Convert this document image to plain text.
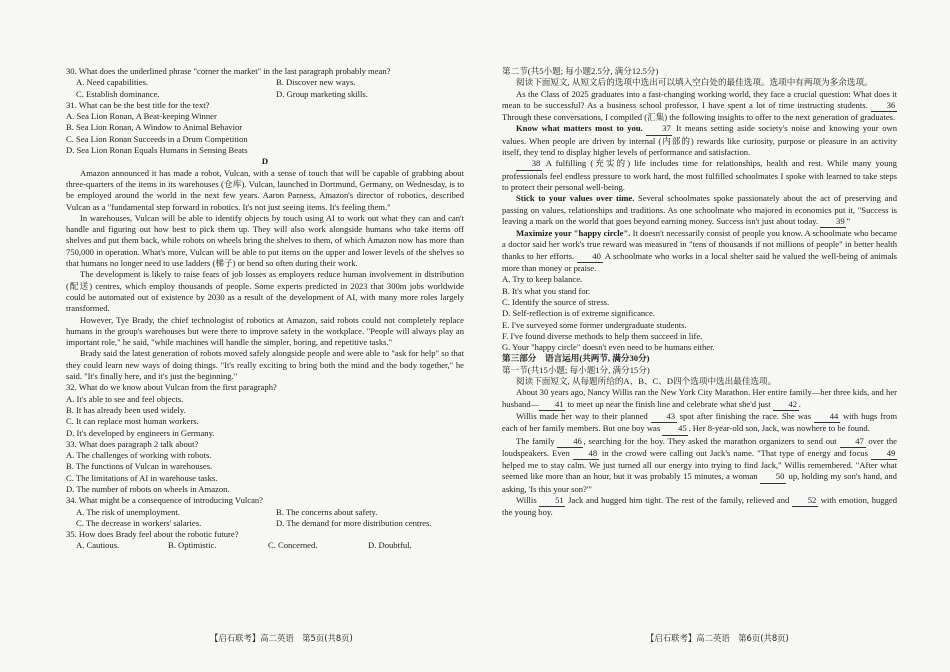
30. What does the underlined phrase "corner the market" in the last paragraph probably mean?

A. Need capabilities.	B. Discover new ways.
C. Establish dominance.	D. Group marketing skills.

31. What can be the best title for the text?

A. Sea Lion Ronan, A Beat-keeping Winner

B. Sea Lion Ronan, A Window to Animal Behavior

C. Sea Lion Ronan Succeeds in a Drum Competition

D. Sea Lion Ronan Equals Humans in Sensing Beats

D

Amazon announced it has made a robot, Vulcan, with a sense of touch that will be capable of grabbing about three-quarters of the items in its warehouses (仓库). Vulcan, launched in Dortmund, Germany, on Wednesday, is to be employed around the world in the next few years. Aaron Parness, Amazon's director of robotics, described Vulcan as a "fundamental step forward in robotics. It's not just seeing items. It's feeling them."

In warehouses, Vulcan will be able to identify objects by touch using AI to work out what they can and can't handle and figuring out how best to pick them up. They will also work alongside humans who take items off shelves and put them back, while robots on wheels bring the shelves to them, of which Amazon now has more than 750,000 in operation. What's more, Vulcan will be able to put items on the upper and lower levels of the shelves so that humans no longer need to use ladders (梯子) or bend so often during their work.

The development is likely to raise fears of job losses as employers reduce human involvement in distribution (配送) centres, which employ thousands of people. Some experts predicted in 2023 that 300m jobs worldwide could be automated out of existence by 2030 as a result of the development of AI, with many more roles largely transformed.

However, Tye Brady, the chief technologist of robotics at Amazon, said robots could not completely replace humans in the group's warehouses but were there to improve safety in the workplace. "People will always play an important role," he said, "while machines will handle the simpler, boring, and repetitive tasks."

Brady said the latest generation of robots moved safely alongside people and were able to "ask for help" so that they could learn new ways of doing things. "It's really exciting to bring both the mind and the body together," he said. "It's finally here, and it's just the beginning."

32. What do we know about Vulcan from the first paragraph?

A. It's able to see and feel objects.

B. It has already been used widely.

C. It can replace most human workers.

D. It's developed by engineers in Germany.

33. What does paragraph 2 talk about?

A. The challenges of working with robots.

B. The functions of Vulcan in warehouses.

C. The limitations of AI in warehouse tasks.

D. The number of robots on wheels in Amazon.

34. What might be a consequence of introducing Vulcan?

A. The risk of unemployment.	B. The concerns about safety.
C. The decrease in workers' salaries.	D. The demand for more distribution centres.

35. How does Brady feel about the robotic future?

A. Cautious.	B. Optimistic.	C. Concerned.	D. Doubtful.
【启石联考】高二英语　第5页(共8页)

第二节(共5小题; 每小题2.5分, 满分12.5分)

阅读下面短文, 从短文后的选项中选出可以填入空白处的最佳选项。选项中有两项为多余选项。

As the Class of 2025 graduates into a fast-changing working world, they face a crucial question: What does it mean to be successful? As a business school professor, I have spent a lot of time instructing students. 36 Through these conversations, I compiled (汇集) the following insights to offer to the next generation of graduates.

Know what matters most to you. 37 It means setting aside society's noise and knowing your own values. When people are driven by internal (内部的) rewards like curiosity, purpose or pleasure in an activity itself, they tend to display higher levels of performance and satisfaction.

38 A fulfilling (充实的) life includes time for relationships, health and rest. While many young professionals feel endless pressure to work hard, the most fulfilled schoolmates I spoke with learned to take steps to protect their personal well-being.

Stick to your values over time. Several schoolmates spoke passionately about the act of preserving and passing on values, relationships and traditions. As one schoolmate who majored in economics put it, "Success is leaving a mark on the world that goes beyond earning money. Success isn't just about today. 39 ”

Maximize your "happy circle". It doesn't necessarily consist of people you know. A schoolmate who became a doctor said her work's true reward was measured in "tens of thousands if not millions of people" in better health thanks to her efforts. 40 A schoolmate who works in a local shelter said he valued the well-being of animals more than money or praise.

A. Try to keep balance.

B. It's what you stand for.

C. Identify the source of stress.

D. Self-reflection is of extreme significance.

E. I've surveyed some former undergraduate students.

F. I've found diverse methods to help them succeed in life.

G. Your "happy circle" doesn't even need to be humans either.

第三部分　语言运用(共两节, 满分30分)

第一节(共15小题; 每小题1分, 满分15分)

阅读下面短文, 从每题所给的A、B、C、D四个选项中选出最佳选项。

About 30 years ago, Nancy Willis ran the New York City Marathon. Her entire family—her three kids, and her husband— 41 to meet up near the finish line and celebrate what she'd just 42 .

Willis made her way to their planned 43 spot after finishing the race. She was 44 with hugs from each of her family members. But one boy was 45 . Her 8-year-old son, Jack, was nowhere to be found.

The family 46 , searching for the boy. They asked the marathon organizers to send out 47 over the loudspeakers. Even 48 in the crowd were calling out Jack's name. "That type of energy and focus 49 helped me to stay calm. We just turned all our energy into trying to find Jack," Willis remembered. "After what seemed like more than an hour, but it was probably 15 minutes, a woman 50 up, holding my son's hand, and asking, 'Is this your son?'"

Willis 51 Jack and hugged him tight. The rest of the family, relieved and 52 with emotion, hugged the young boy.

【启石联考】高二英语　第6页(共8页)
